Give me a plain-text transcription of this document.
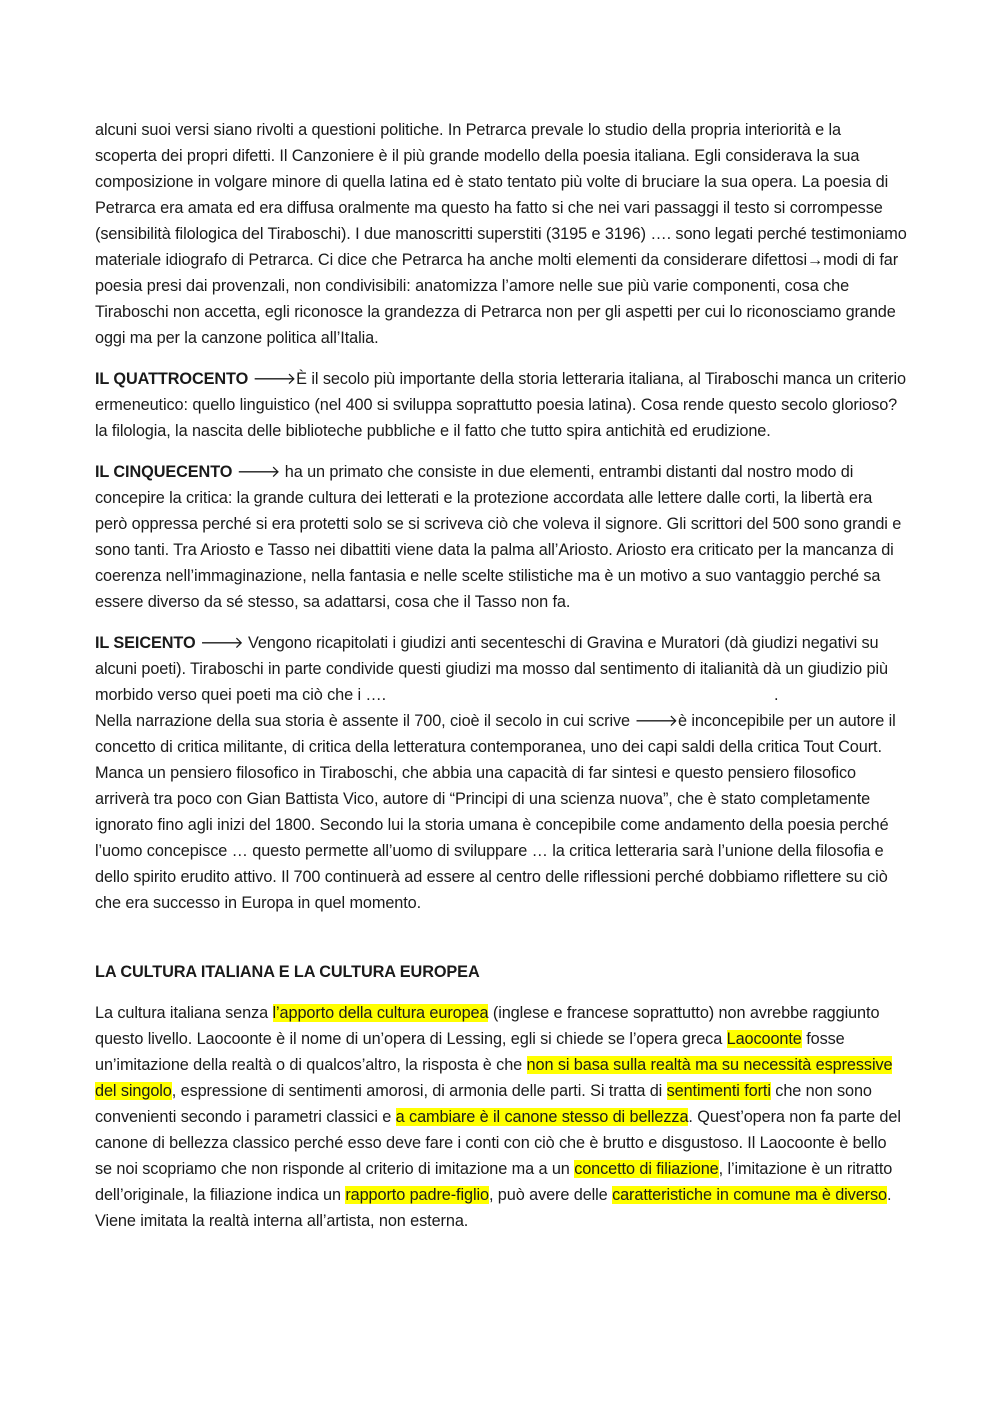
alcuni suoi versi siano rivolti a questioni politiche. In Petrarca prevale lo studio della propria interiorità e la scoperta dei propri difetti. Il Canzoniere è il più grande modello della poesia italiana. Egli considerava la sua composizione in volgare minore di quella latina ed è stato tentato più volte di bruciare la sua opera. La poesia di Petrarca era amata ed era diffusa oralmente ma questo ha fatto si che nei vari passaggi il testo si corrompesse (sensibilità filologica del Tiraboschi). I due manoscritti superstiti (3195 e 3196) …. sono legati perché testimoniamo materiale idiografo di Petrarca. Ci dice che Petrarca ha anche molti elementi da considerare difettosi→modi di far poesia presi dai provenzali, non condivisibili: anatomizza l’amore nelle sue più varie componenti, cosa che Tiraboschi non accetta, egli riconosce la grandezza di Petrarca non per gli aspetti per cui lo riconosciamo grande oggi ma per la canzone politica all’Italia.

IL QUATTROCENTO 🡒È il secolo più importante della storia letteraria italiana, al Tiraboschi manca un criterio ermeneutico: quello linguistico (nel 400 si sviluppa soprattutto poesia latina). Cosa rende questo secolo glorioso? la filologia, la nascita delle biblioteche pubbliche e il fatto che tutto spira antichità ed erudizione.

IL CINQUECENTO 🡒 ha un primato che consiste in due elementi, entrambi distanti dal nostro modo di concepire la critica: la grande cultura dei letterati e la protezione accordata alle lettere dalle corti, la libertà era però oppressa perché si era protetti solo se si scriveva ciò che voleva il signore. Gli scrittori del 500 sono grandi e sono tanti. Tra Ariosto e Tasso nei dibattiti viene data la palma all’Ariosto. Ariosto era criticato per la mancanza di coerenza nell’immaginazione, nella fantasia e nelle scelte stilistiche ma è un motivo a suo vantaggio perché sa essere diverso da sé stesso, sa adattarsi, cosa che il Tasso non fa.

IL SEICENTO 🡒 Vengono ricapitolati i giudizi anti secenteschi di Gravina e Muratori (dà giudizi negativi su alcuni poeti). Tiraboschi in parte condivide questi giudizi ma mosso dal sentimento di italianità dà un giudizio più morbido verso quei poeti ma ciò che i ….	.

Nella narrazione della sua storia è assente il 700, cioè il secolo in cui scrive 🡒è inconcepibile per un autore il concetto di critica militante, di critica della letteratura contemporanea, uno dei capi saldi della critica Tout Court. Manca un pensiero filosofico in Tiraboschi, che abbia una capacità di far sintesi e questo pensiero filosofico arriverà tra poco con Gian Battista Vico, autore di “Principi di una scienza nuova”, che è stato completamente ignorato fino agli inizi del 1800. Secondo lui la storia umana è concepibile come andamento della poesia perché l’uomo concepisce … questo permette all’uomo di sviluppare … la critica letteraria sarà l’unione della filosofia e dello spirito erudito attivo. Il 700 continuerà ad essere al centro delle riflessioni perché dobbiamo riflettere su ciò che era successo in Europa in quel momento.

LA CULTURA ITALIANA E LA CULTURA EUROPEA

La cultura italiana senza l’apporto della cultura europea (inglese e francese soprattutto) non avrebbe raggiunto questo livello. Laocoonte è il nome di un’opera di Lessing, egli si chiede se l’opera greca Laocoonte fosse un’imitazione della realtà o di qualcos’altro, la risposta è che non si basa sulla realtà ma su necessità espressive del singolo, espressione di sentimenti amorosi, di armonia delle parti. Si tratta di sentimenti forti che non sono convenienti secondo i parametri classici e a cambiare è il canone stesso di bellezza. Quest’opera non fa parte del canone di bellezza classico perché esso deve fare i conti con ciò che è brutto e disgustoso. Il Laocoonte è bello se noi scopriamo che non risponde al criterio di imitazione ma a un concetto di filiazione, l’imitazione è un ritratto dell’originale, la filiazione indica un rapporto padre-figlio, può avere delle caratteristiche in comune ma è diverso. Viene imitata la realtà interna all’artista, non esterna.
